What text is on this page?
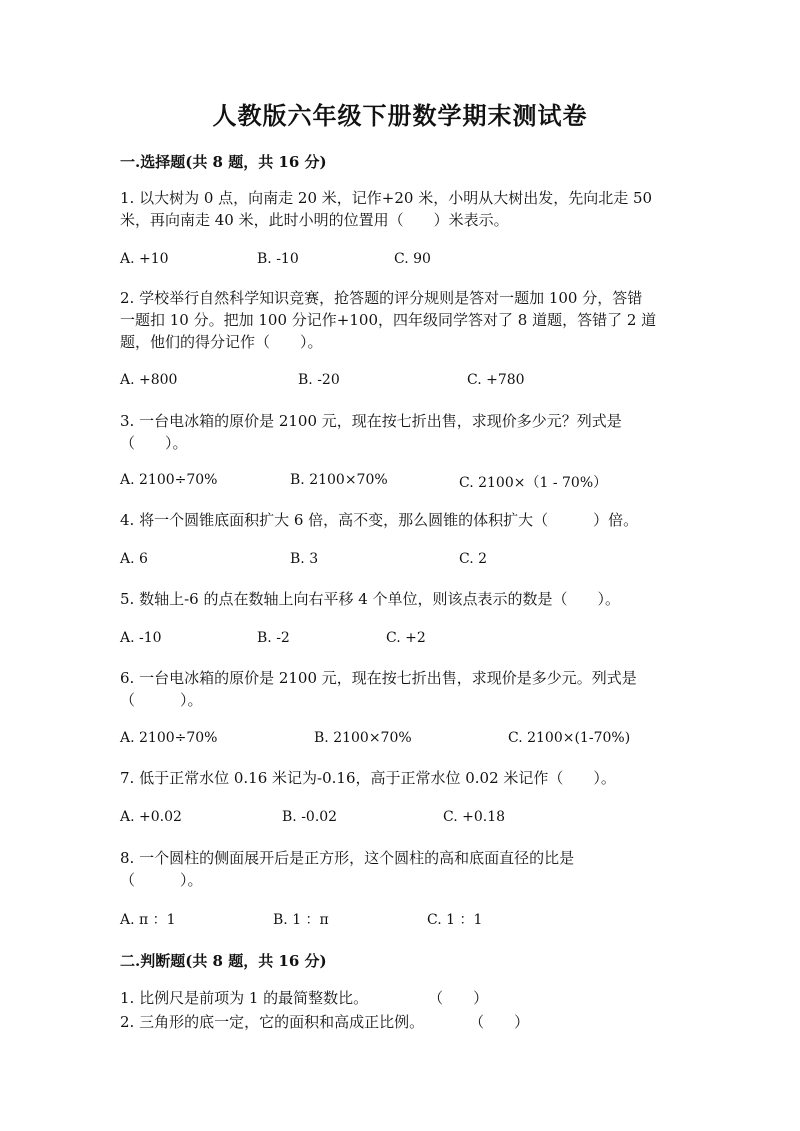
人教版六年级下册数学期末测试卷
一.选择题(共 8 题，共 16 分)
1. 以大树为 0 点，向南走 20 米，记作+20 米，小明从大树出发，先向北走 50
米，再向南走 40 米，此时小明的位置用（　　）米表示。
A. +10	B. -10	C. 90
2. 学校举行自然科学知识竞赛，抢答题的评分规则是答对一题加 100 分，答错
一题扣 10 分。把加 100 分记作+100，四年级同学答对了 8 道题，答错了 2 道
题，他们的得分记作（　　）。
A. +800	B. -20	C. +780
3. 一台电冰箱的原价是 2100 元，现在按七折出售，求现价多少元？列式是
（　　）。
A. 2100÷70%	B. 2100×70%	C. 2100×（1 - 70%）
4. 将一个圆锥底面积扩大 6 倍，高不变，那么圆锥的体积扩大（　　　）倍。
A. 6	B. 3	C. 2
5. 数轴上-6 的点在数轴上向右平移 4 个单位，则该点表示的数是（　　）。
A. -10	B. -2	C. +2
6. 一台电冰箱的原价是 2100 元，现在按七折出售，求现价是多少元。列式是
（　　　）。
A. 2100÷70%	B. 2100×70%	C. 2100×(1-70%)
7. 低于正常水位 0.16 米记为-0.16，高于正常水位 0.02 米记作（　　）。
A. +0.02	B. -0.02	C. +0.18
8. 一个圆柱的侧面展开后是正方形，这个圆柱的高和底面直径的比是
（　　　）。
A. π ：1	B. 1 ：π	C. 1 ：1
二.判断题(共 8 题，共 16 分)
1. 比例尺是前项为 1 的最简整数比。　　　　　（　　）
2. 三角形的底一定，它的面积和高成正比例。　　　　（　　）
